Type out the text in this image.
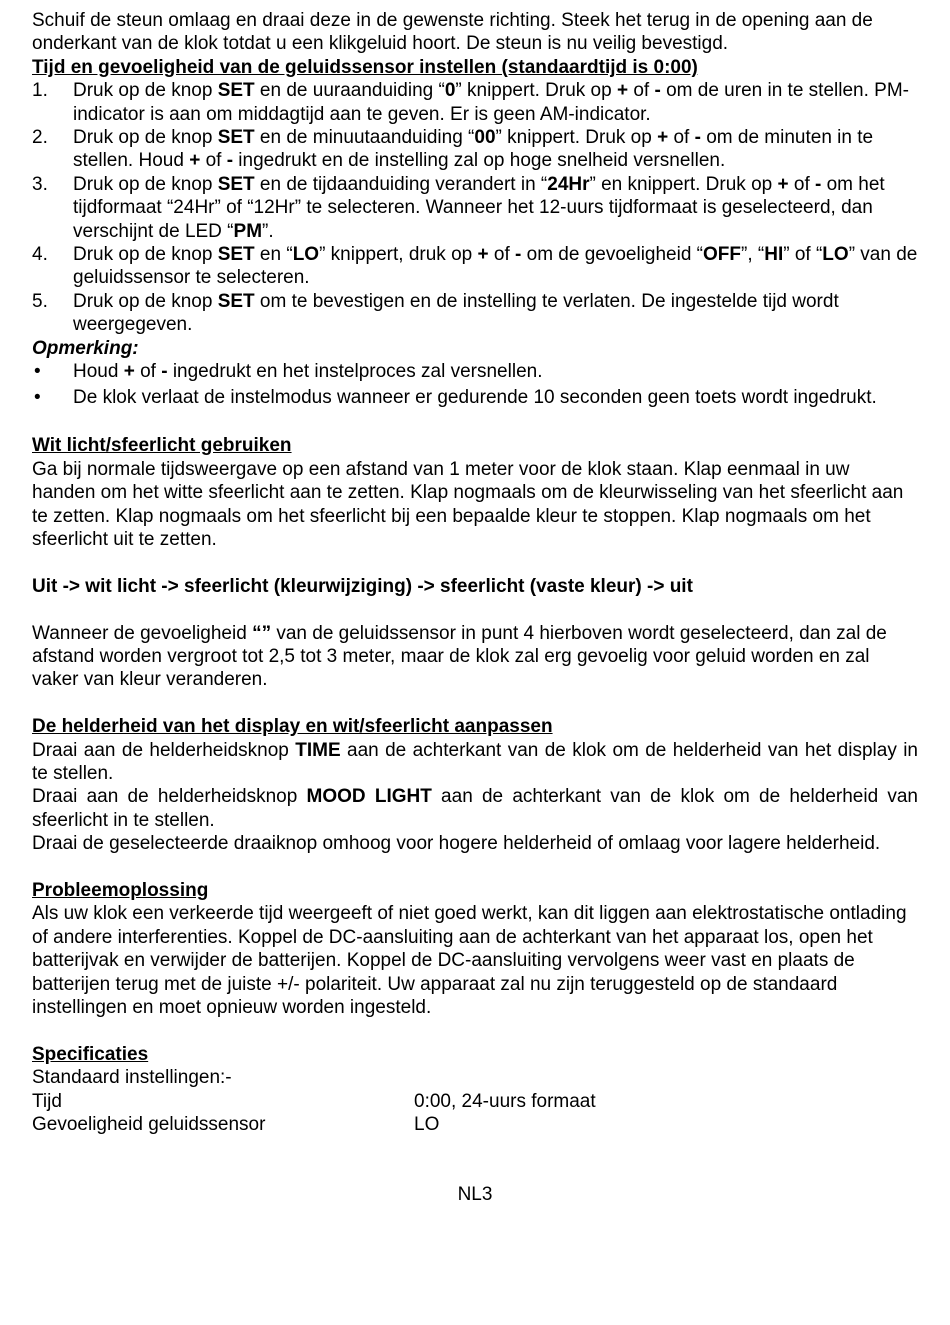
Schuif de steun omlaag en draai deze in de gewenste richting. Steek het terug in de opening aan de onderkant van de klok totdat u een klikgeluid hoort. De steun is nu veilig bevestigd.

Tijd en gevoeligheid van de geluidssensor instellen (standaardtijd is 0:00)
1. Druk op de knop SET en de uuraanduiding “0” knippert. Druk op + of - om de uren in te stellen. PM-indicator is aan om middagtijd aan te geven. Er is geen AM-indicator.
2. Druk op de knop SET en de minuutaanduiding “00” knippert. Druk op + of - om de minuten in te stellen. Houd + of - ingedrukt en de instelling zal op hoge snelheid versnellen.
3. Druk op de knop SET en de tijdaanduiding verandert in “24Hr” en knippert. Druk op + of - om het tijdformaat “24Hr” of “12Hr” te selecteren. Wanneer het 12-uurs tijdformaat is geselecteerd, dan verschijnt de LED “PM”.
4. Druk op de knop SET en “LO” knippert, druk op + of - om de gevoeligheid “OFF”, “HI” of “LO” van de geluidssensor te selecteren.
5. Druk op de knop SET om te bevestigen en de instelling te verlaten. De ingestelde tijd wordt weergegeven.

Opmerking:

• Houd + of - ingedrukt en het instelproces zal versnellen.
• De klok verlaat de instelmodus wanneer er gedurende 10 seconden geen toets wordt ingedrukt.
Wit licht/sfeerlicht gebruiken

Ga bij normale tijdsweergave op een afstand van 1 meter voor de klok staan. Klap eenmaal in uw handen om het witte sfeerlicht aan te zetten. Klap nogmaals om de kleurwisseling van het sfeerlicht aan te zetten. Klap nogmaals om het sfeerlicht bij een bepaalde kleur te stoppen. Klap nogmaals om het sfeerlicht uit te zetten.

Uit -> wit licht -> sfeerlicht (kleurwijziging) -> sfeerlicht (vaste kleur) -> uit

Wanneer de gevoeligheid “” van de geluidssensor in punt 4 hierboven wordt geselecteerd, dan zal de afstand worden vergroot tot 2,5 tot 3 meter, maar de klok zal erg gevoelig voor geluid worden en zal vaker van kleur veranderen.

De helderheid van het display en wit/sfeerlicht aanpassen

Draai aan de helderheidsknop TIME aan de achterkant van de klok om de helderheid van het display in te stellen.

Draai aan de helderheidsknop MOOD LIGHT aan de achterkant van de klok om de helderheid van sfeerlicht in te stellen.

Draai de geselecteerde draaiknop omhoog voor hogere helderheid of omlaag voor lagere helderheid.

Probleemoplossing

Als uw klok een verkeerde tijd weergeeft of niet goed werkt, kan dit liggen aan elektrostatische ontlading of andere interferenties. Koppel de DC-aansluiting aan de achterkant van het apparaat los, open het batterijvak en verwijder de batterijen. Koppel de DC-aansluiting vervolgens weer vast en plaats de batterijen terug met de juiste +/- polariteit. Uw apparaat zal nu zijn teruggesteld op de standaard instellingen en moet opnieuw worden ingesteld.

Specificaties

Standaard instellingen:-

Tijd	0:00, 24-uurs formaat
Gevoeligheid geluidssensor	LO

NL3
